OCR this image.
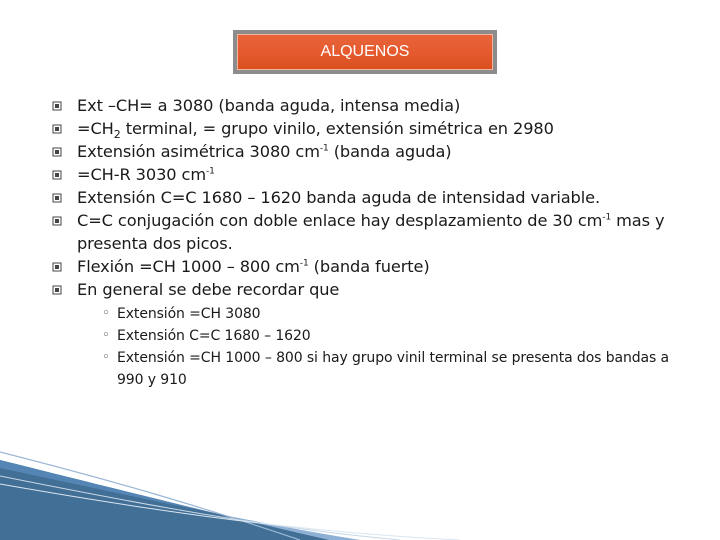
ALQUENOS
Ext –CH= a 3080 (banda aguda, intensa media)
$=CH_2$ terminal, = grupo vinilo, extensión simétrica en 2980
Extensión asimétrica 3080 $cm^{-1}$ (banda aguda)
=CH-R 3030 $cm^{-1}$
Extensión C=C 1680 – 1620 banda aguda de intensidad variable.
C=C conjugación con doble enlace hay desplazamiento de 30 $cm^{-1}$ mas y presenta dos picos.
Flexión =CH 1000 – 800 $cm^{-1}$ (banda fuerte)
En general se debe recordar que
◦ Extensión =CH 3080
◦ Extensión C=C 1680 – 1620
◦ Extensión =CH 1000 – 800 si hay grupo vinil terminal se presenta dos bandas a 990 y 910
